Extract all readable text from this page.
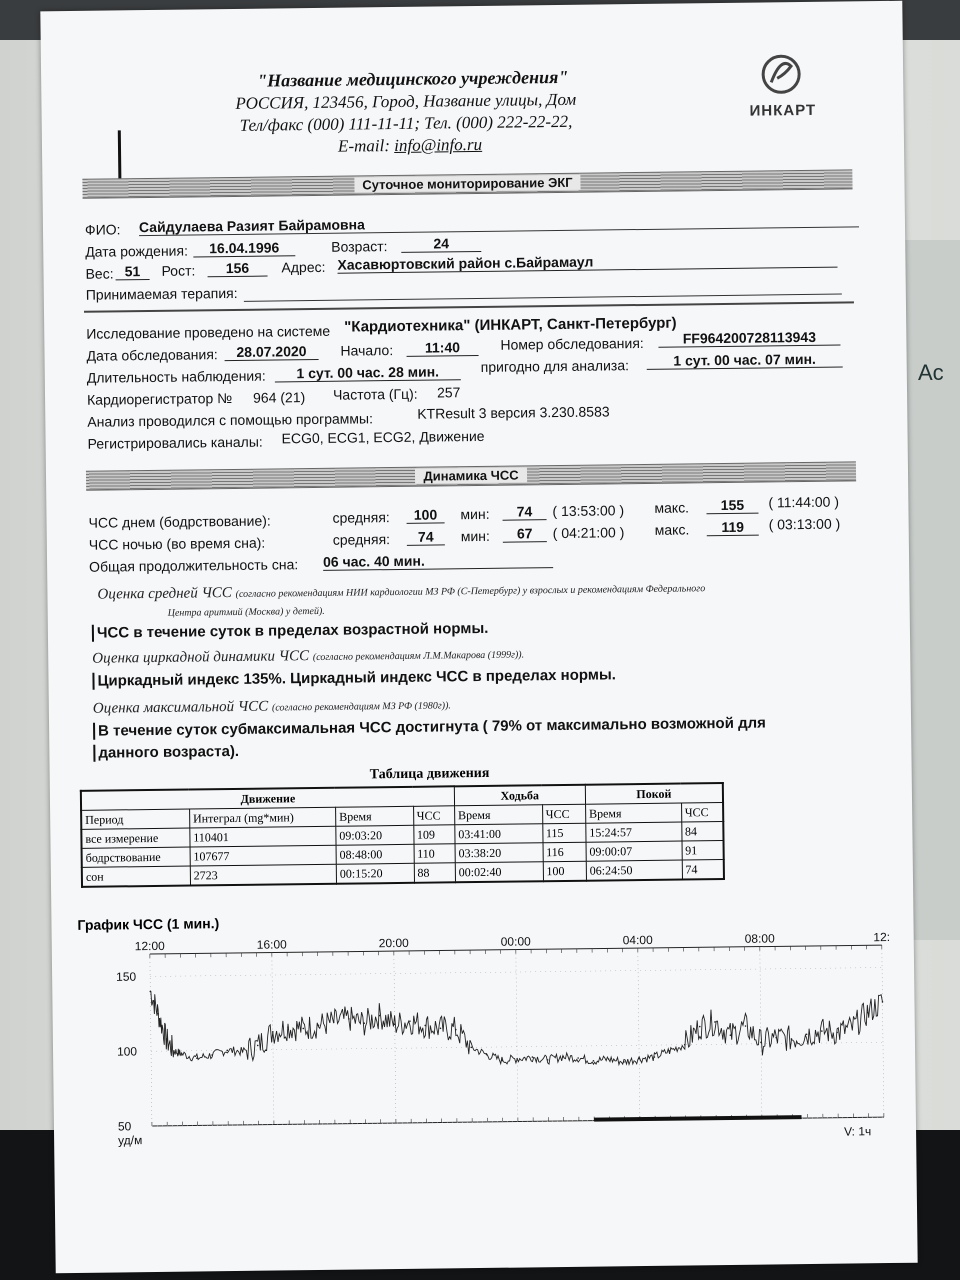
Ac
"Название медицинского учреждения"
РОССИЯ, 123456, Город, Название улицы, Дом
Тел/факс (000) 111-11-11; Тел. (000) 222-22-22,
E-mail: info@info.ru
ИНКАРТ
Суточное мониторирование ЭКГ
ФИО: Сайдулаева Разият Байрамовна
Дата рождения:	16.04.1996	Возраст:	24
Вес: 51	Рост:	156	Адрес: Хасавюртовский район с.Байрамаул
Принимаемая терапия:
Исследование проведено на системе "Кардиотехника" (ИНКАРТ, Санкт-Петербург)
Дата обследования:	28.07.2020	Начало:	11:40	Номер обследования:	FF964200728113943
Длительность наблюдения:	1 сут. 00 час. 28 мин.	пригодно для анализа:	1 сут. 00 час. 07 мин.
Кардиорегистратор № 964 (21) Частота (Гц): 257
Анализ проводился с помощью программы:	KTResult 3 версия 3.230.8583
Регистрировались каналы: ECG0, ECG1, ECG2, Движение
Динамика ЧСС
ЧСС днем (бодрствование):	средняя:	100	мин:	74	( 13:53:00 ) макс.	155	( 11:44:00 )
ЧСС ночью (во время сна):	средняя:	74	мин:	67	( 04:21:00 ) макс.	119	( 03:13:00 )
Общая продолжительность сна: 06 час. 40 мин.
Оценка средней ЧСС (согласно рекомендациям НИИ кардиологии МЗ РФ (С-Петербург) у взрослых и рекомендациям Федерального
Центра аритмий (Москва) у детей).
ЧСС в течение суток в пределах возрастной нормы.
Оценка циркадной динамики ЧСС (согласно рекомендациям Л.М.Макарова (1999г)).
Циркадный индекс 135%. Циркадный индекс ЧСС в пределах нормы.
Оценка максимальной ЧСС (согласно рекомендациям МЗ РФ (1980г)).
В течение суток субмаксимальная ЧСС достигнута ( 79% от максимально возможной для
данного возраста).
Таблица движения
Движение				Ходьба		Покой	
Период	Интеграл (mg*мин)	Время	ЧСС	Время	ЧСС	Время	ЧСС
все измерение	110401	09:03:20	109	03:41:00	115	15:24:57	84
бодрствование	107677	08:48:00	110	03:38:20	116	09:00:07	91
сон	2723	00:15:20	88	00:02:40	100	06:24:50	74
График ЧСС (1 мин.)
12:00	16:00	20:00	00:00	04:00	08:00	12:
150
100
50
уд/м
V: 1ч
